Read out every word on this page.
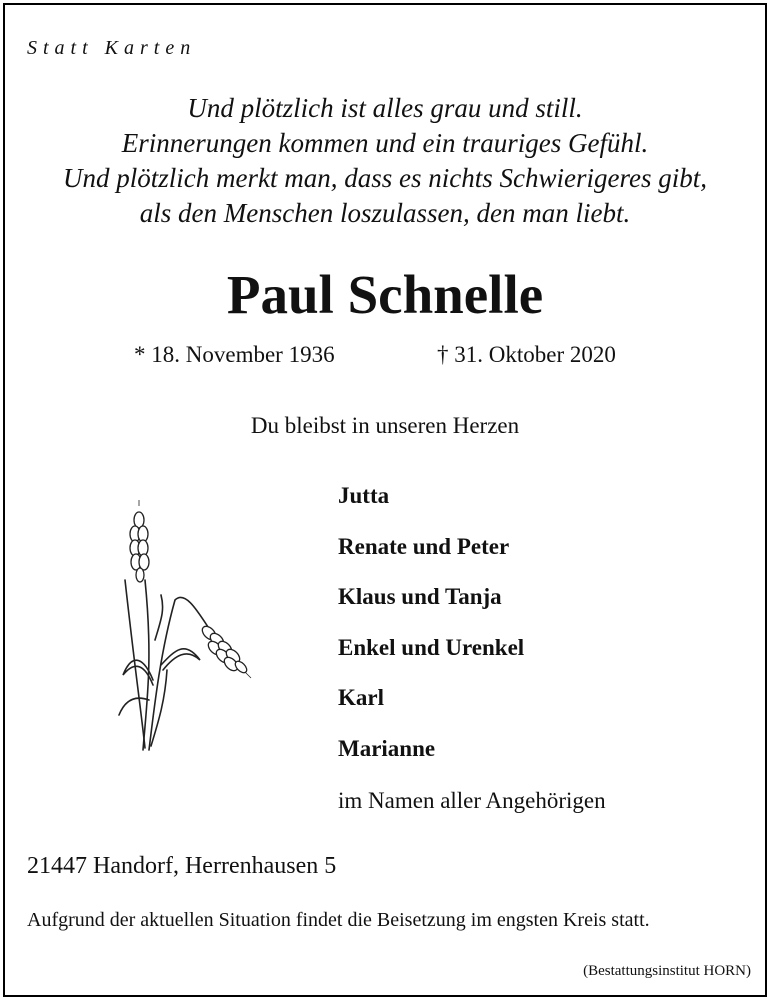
Statt Karten
Und plötzlich ist alles grau und still.
Erinnerungen kommen und ein trauriges Gefühl.
Und plötzlich merkt man, dass es nichts Schwierigeres gibt,
als den Menschen loszulassen, den man liebt.
Paul Schnelle
* 18. November 1936	† 31. Oktober 2020
Du bleibst in unseren Herzen
Jutta
Renate und Peter
Klaus und Tanja
Enkel und Urenkel
Karl
Marianne
im Namen aller Angehörigen
21447 Handorf, Herrenhausen 5
Aufgrund der aktuellen Situation findet die Beisetzung im engsten Kreis statt.
(Bestattungsinstitut HORN)
